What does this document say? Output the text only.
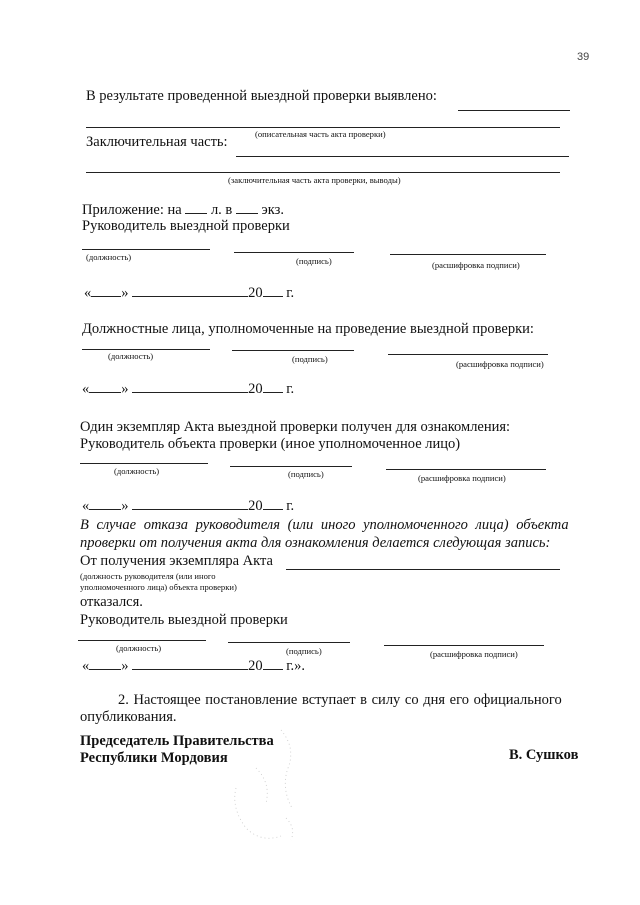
39
В результате проведенной выездной проверки выявлено:
(описательная часть акта проверки)
Заключительная часть:
(заключительная часть акта проверки, выводы)
Приложение: на л. в экз.
Руководитель выездной проверки
(должность)	(подпись)	(расшифровка подписи)
« »	20 г.
Должностные лица, уполномоченные на проведение выездной проверки:
(должность)	(подпись)	(расшифровка подписи)
« »	20 г.
Один экземпляр Акта выездной проверки получен для ознакомления:
Руководитель объекта проверки (иное уполномоченное лицо)
(должность)	(подпись)	(расшифровка подписи)
« »	20 г.
В случае отказа руководителя (или иного уполномоченного лица) объекта
проверки от получения акта для ознакомления делается следующая запись:
От получения экземпляра Акта
(должность руководителя (или иного
уполномоченного лица) объекта проверки)
отказался.
Руководитель выездной проверки
(должность)	(подпись)	(расшифровка подписи)
« »	20 г.».
2. Настоящее постановление вступает в силу со дня его официального
опубликования.
Председатель Правительства
Республики Мордовия	В. Сушков
